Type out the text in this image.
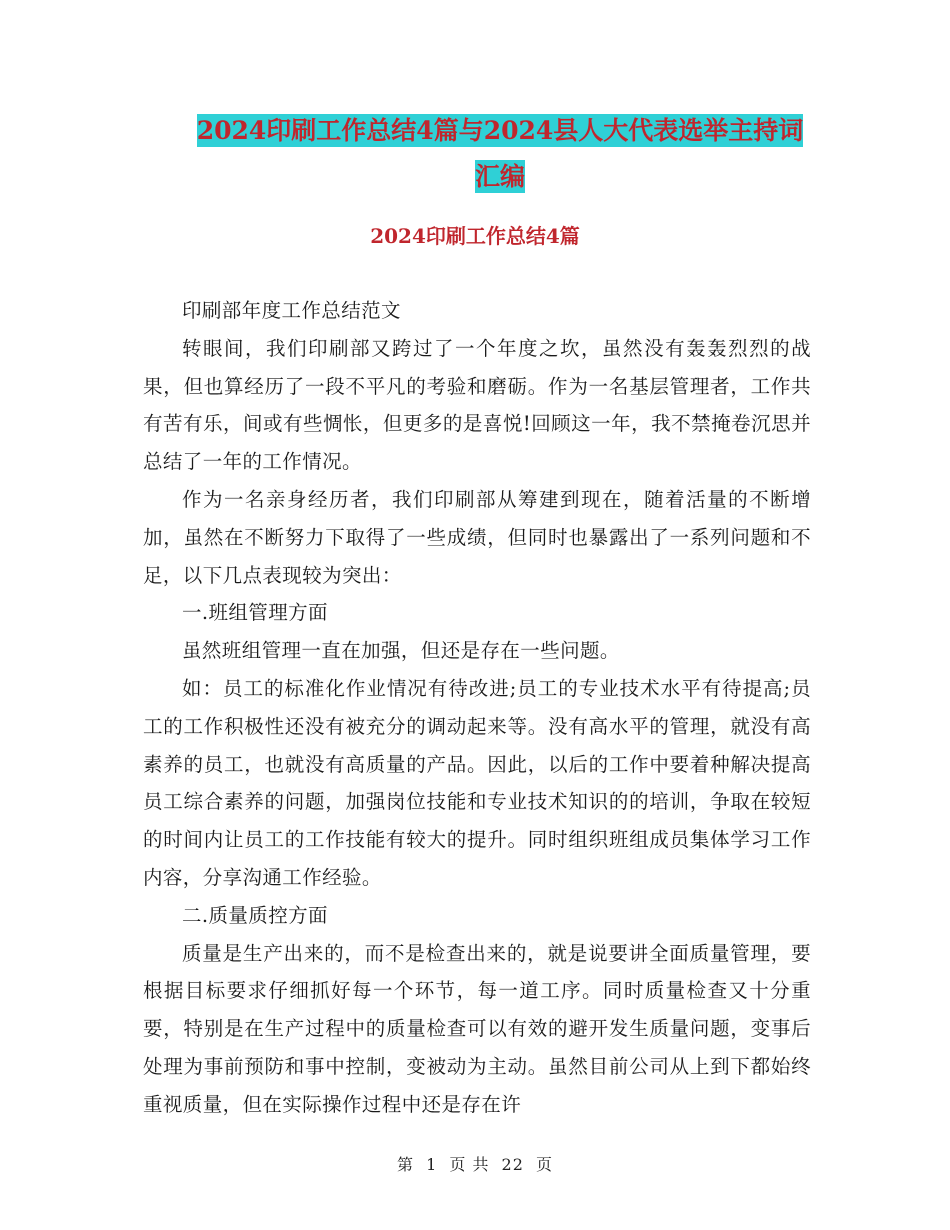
2024印刷工作总结4篇与2024县人大代表选举主持词
汇编
2024印刷工作总结4篇

印刷部年度工作总结范文

转眼间，我们印刷部又跨过了一个年度之坎，虽然没有轰轰烈烈的战果，但也算经历了一段不平凡的考验和磨砺。作为一名基层管理者，工作共有苦有乐，间或有些惆怅，但更多的是喜悦!回顾这一年，我不禁掩卷沉思并总结了一年的工作情况。

作为一名亲身经历者，我们印刷部从筹建到现在，随着活量的不断增加，虽然在不断努力下取得了一些成绩，但同时也暴露出了一系列问题和不足，以下几点表现较为突出：

一.班组管理方面

虽然班组管理一直在加强，但还是存在一些问题。

如：员工的标准化作业情况有待改进;员工的专业技术水平有待提高;员工的工作积极性还没有被充分的调动起来等。没有高水平的管理，就没有高素养的员工，也就没有高质量的产品。因此，以后的工作中要着种解决提高员工综合素养的问题，加强岗位技能和专业技术知识的的培训，争取在较短的时间内让员工的工作技能有较大的提升。同时组织班组成员集体学习工作内容，分享沟通工作经验。

二.质量质控方面

质量是生产出来的，而不是检查出来的，就是说要讲全面质量管理，要根据目标要求仔细抓好每一个环节，每一道工序。同时质量检查又十分重要，特别是在生产过程中的质量检查可以有效的避开发生质量问题，变事后处理为事前预防和事中控制，变被动为主动。虽然目前公司从上到下都始终重视质量，但在实际操作过程中还是存在许

第 1 页 共 22 页
